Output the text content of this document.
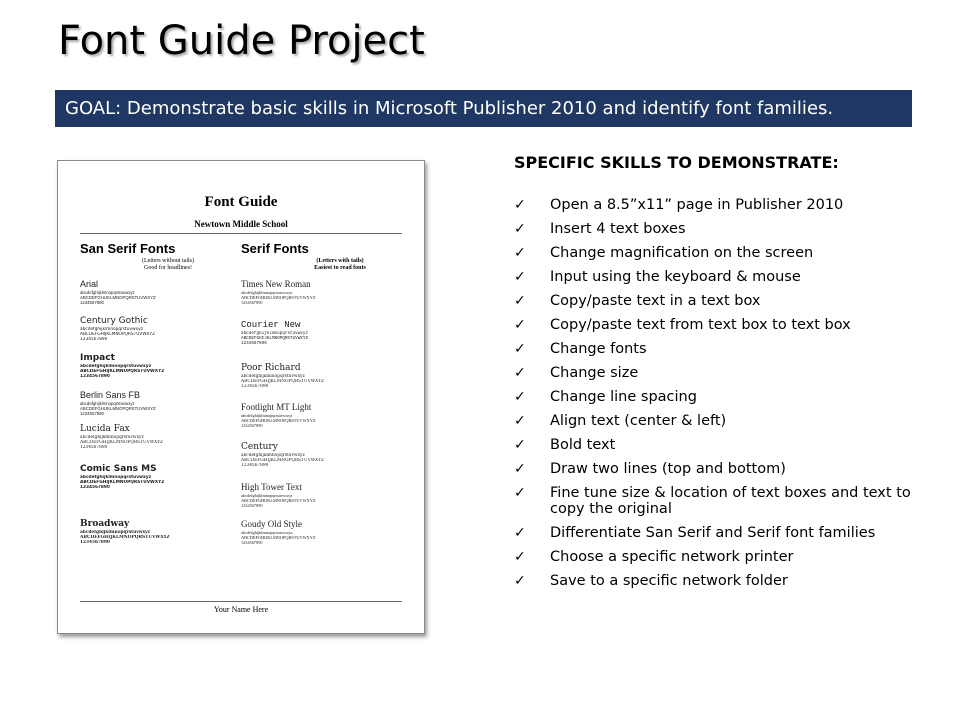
Font Guide Project
GOAL: Demonstrate basic skills in Microsoft Publisher 2010 and identify font families.
Font Guide
Newtown Middle School
San Serif Fonts
(Letters without tails)
Good for headlines!
Serif Fonts
(Letters with tails)
Easiest to read fonts
Arial
abcdefghijklmnopqrstuvwxyz
ABCDEFGHIJKLMNOPQRSTUVWXYZ
1234567890
Century Gothic
abcdefghijklmnopqrstuvwxyz
ABCDEFGHIJKLMNOPQRSTUVWXYZ
1234567890
Impact
abcdefghijklmnopqrstuvwxyz
ABCDEFGHIJKLMNOPQRSTUVWXYZ
1234567890
Berlin Sans FB
abcdefghijklmnopqrstuvwxyz
ABCDEFGHIJKLMNOPQRSTUVWXYZ
1234567890
Lucida Fax
abcdefghijklmnopqrstuvwxyz
ABCDEFGHIJKLMNOPQRSTUVWXYZ
1234567890
Comic Sans MS
abcdefghijklmnopqrstuvwxyz
ABCDEFGHIJKLMNOPQRSTUVWXYZ
1234567890
Broadway
abcdefghijklmnopqrstuvwxyz
ABCDEFGHIJKLMNOPQRSTUVWXYZ
1234567890
Times New Roman
abcdefghijklmnopqrstuvwxyz
ABCDEFGHIJKLMNOPQRSTUVWXYZ
1234567890
Courier New
abcdefghijklmnopqrstuvwxyz
ABCDEFGHIJKLMNOPQRSTUVWXYZ
1234567890
Poor Richard
abcdefghijklmnopqrstuvwxyz
ABCDEFGHIJKLMNOPQRSTUVWXYZ
1234567890
Footlight MT Light
abcdefghijklmnopqrstuvwxyz
ABCDEFGHIJKLMNOPQRSTUVWXYZ
1234567890
Century
abcdefghijklmnopqrstuvwxyz
ABCDEFGHIJKLMNOPQRSTUVWXYZ
1234567890
High Tower Text
abcdefghijklmnopqrstuvwxyz
ABCDEFGHIJKLMNOPQRSTUVWXYZ
1234567890
Goudy Old Style
abcdefghijklmnopqrstuvwxyz
ABCDEFGHIJKLMNOPQRSTUVWXYZ
1234567890
Your Name Here
SPECIFIC SKILLS TO DEMONSTRATE:
✓ Open a 8.5”x11” page in Publisher 2010
✓ Insert 4 text boxes
✓ Change magnification on the screen
✓ Input using the keyboard & mouse
✓ Copy/paste text in a text box
✓ Copy/paste text from text box to text box
✓ Change fonts
✓ Change size
✓ Change line spacing
✓ Align text (center & left)
✓ Bold text
✓ Draw two lines (top and bottom)
✓ Fine tune size & location of text boxes and text to copy the original
✓ Differentiate San Serif and Serif font families
✓ Choose a specific network printer
✓ Save to a specific network folder
